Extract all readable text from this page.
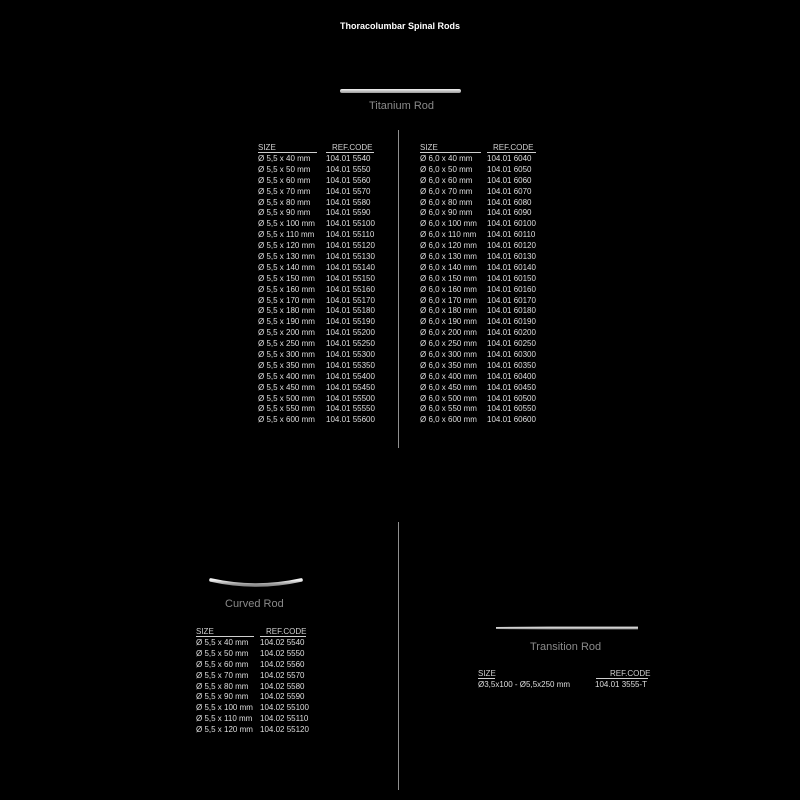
Thoracolumbar Spinal Rods
Titanium Rod
SIZE	REF.CODE
Ø 5,5 x 40 mm 104.01 5540
Ø 5,5 x 50 mm 104.01 5550
Ø 5,5 x 60 mm 104.01 5560
Ø 5,5 x 70 mm 104.01 5570
Ø 5,5 x 80 mm 104.01 5580
Ø 5,5 x 90 mm 104.01 5590
Ø 5,5 x 100 mm 104.01 55100
Ø 5,5 x 110 mm 104.01 55110
Ø 5,5 x 120 mm 104.01 55120
Ø 5,5 x 130 mm 104.01 55130
Ø 5,5 x 140 mm 104.01 55140
Ø 5,5 x 150 mm 104.01 55150
Ø 5,5 x 160 mm 104.01 55160
Ø 5,5 x 170 mm 104.01 55170
Ø 5,5 x 180 mm 104.01 55180
Ø 5,5 x 190 mm 104.01 55190
Ø 5,5 x 200 mm 104.01 55200
Ø 5,5 x 250 mm 104.01 55250
Ø 5,5 x 300 mm 104.01 55300
Ø 5,5 x 350 mm 104.01 55350
Ø 5,5 x 400 mm 104.01 55400
Ø 5,5 x 450 mm 104.01 55450
Ø 5,5 x 500 mm 104.01 55500
Ø 5,5 x 550 mm 104.01 55550
Ø 5,5 x 600 mm 104.01 55600
SIZE	REF.CODE
Ø 6,0 x 40 mm 104.01 6040
Ø 6,0 x 50 mm 104.01 6050
Ø 6,0 x 60 mm 104.01 6060
Ø 6,0 x 70 mm 104.01 6070
Ø 6,0 x 80 mm 104.01 6080
Ø 6,0 x 90 mm 104.01 6090
Ø 6,0 x 100 mm 104.01 60100
Ø 6,0 x 110 mm 104.01 60110
Ø 6,0 x 120 mm 104.01 60120
Ø 6,0 x 130 mm 104.01 60130
Ø 6,0 x 140 mm 104.01 60140
Ø 6,0 x 150 mm 104.01 60150
Ø 6,0 x 160 mm 104.01 60160
Ø 6,0 x 170 mm 104.01 60170
Ø 6,0 x 180 mm 104.01 60180
Ø 6,0 x 190 mm 104.01 60190
Ø 6,0 x 200 mm 104.01 60200
Ø 6,0 x 250 mm 104.01 60250
Ø 6,0 x 300 mm 104.01 60300
Ø 6,0 x 350 mm 104.01 60350
Ø 6,0 x 400 mm 104.01 60400
Ø 6,0 x 450 mm 104.01 60450
Ø 6,0 x 500 mm 104.01 60500
Ø 6,0 x 550 mm 104.01 60550
Ø 6,0 x 600 mm 104.01 60600
Curved Rod
SIZE	REF.CODE
Ø 5,5 x 40 mm 104.02 5540
Ø 5,5 x 50 mm 104.02 5550
Ø 5,5 x 60 mm 104.02 5560
Ø 5,5 x 70 mm 104.02 5570
Ø 5,5 x 80 mm 104.02 5580
Ø 5,5 x 90 mm 104.02 5590
Ø 5,5 x 100 mm 104.02 55100
Ø 5,5 x 110 mm 104.02 55110
Ø 5,5 x 120 mm 104.02 55120
Transition Rod
SIZE	REF.CODE
Ø3,5x100 - Ø5,5x250 mm	104.01 3555-T
